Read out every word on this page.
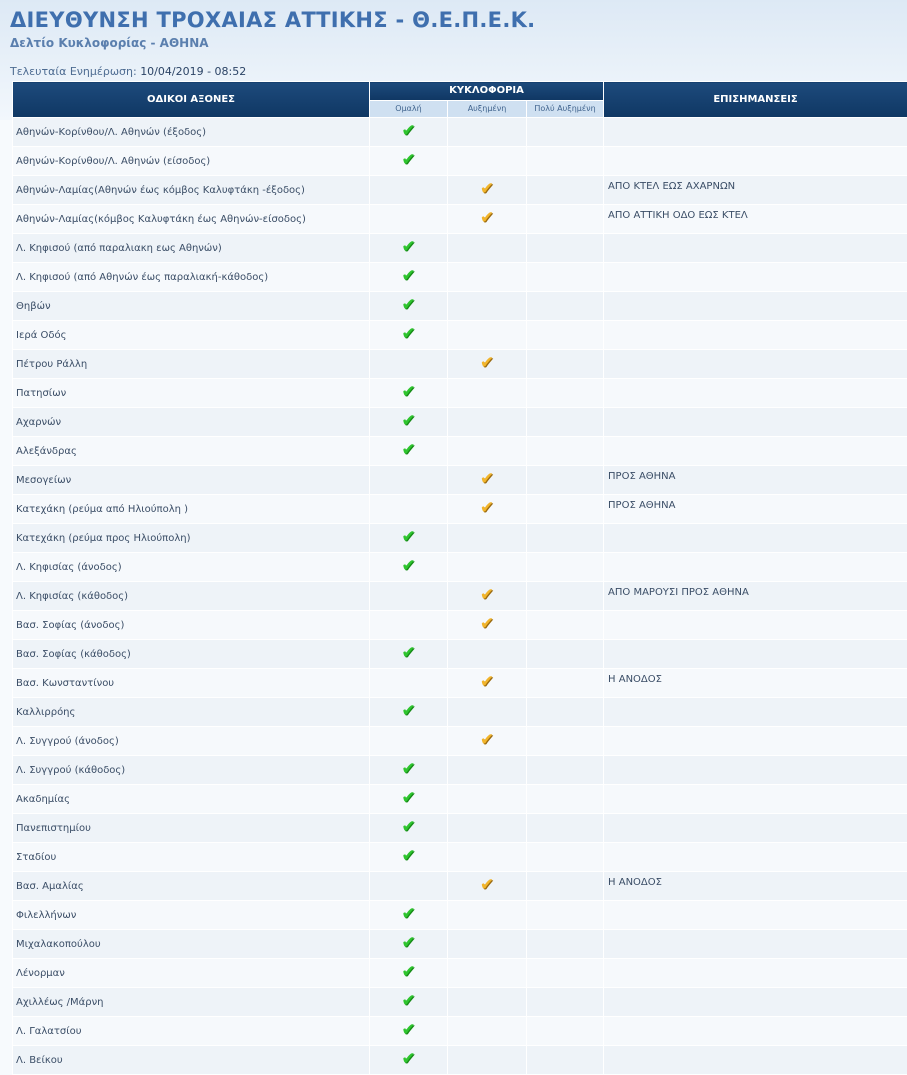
ΔΙΕΥΘΥΝΣΗ ΤΡΟΧΑΙΑΣ ΑΤΤΙΚΗΣ - Θ.Ε.Π.Ε.Κ.
Δελτίο Κυκλοφορίας - ΑΘΗΝΑ
Τελευταία Ενημέρωση: 10/04/2019 - 08:52
ΟΔΙΚΟΙ ΑΞΟΝΕΣ	ΚΥΚΛΟΦΟΡΙΑ			ΕΠΙΣΗΜΑΝΣΕΙΣ
	Ομαλή	Αυξημένη	Πολύ Αυξημένη	
Αθηνών-Κορίνθου/Λ. Αθηνών (έξοδος)	✔			
Αθηνών-Κορίνθου/Λ. Αθηνών (είσοδος)	✔			
Αθηνών-Λαμίας(Αθηνών έως κόμβος Καλυφτάκη -έξοδος)		✔		ΑΠΟ ΚΤΕΛ ΕΩΣ ΑΧΑΡΝΩΝ
Αθηνών-Λαμίας(κόμβος Καλυφτάκη έως Αθηνών-είσοδος)		✔		ΑΠΟ ΑΤΤΙΚΗ ΟΔΟ ΕΩΣ ΚΤΕΛ
Λ. Κηφισού (από παραλιακη εως Αθηνών)	✔			
Λ. Κηφισού (από Αθηνών έως παραλιακή-κάθοδος)	✔			
Θηβών	✔			
Ιερά Οδός	✔			
Πέτρου Ράλλη		✔		
Πατησίων	✔			
Αχαρνών	✔			
Αλεξάνδρας	✔			
Μεσογείων		✔		ΠΡΟΣ ΑΘΗΝΑ
Κατεχάκη (ρεύμα από Ηλιούπολη )		✔		ΠΡΟΣ ΑΘΗΝΑ
Κατεχάκη (ρεύμα προς Ηλιούπολη)	✔			
Λ. Κηφισίας (άνοδος)	✔			
Λ. Κηφισίας (κάθοδος)		✔		ΑΠΟ ΜΑΡΟΥΣΙ ΠΡΟΣ ΑΘΗΝΑ
Βασ. Σοφίας (άνοδος)		✔		
Βασ. Σοφίας (κάθοδος)	✔			
Βασ. Κωνσταντίνου		✔		Η ΑΝΟΔΟΣ
Καλλιρρόης	✔			
Λ. Συγγρού (άνοδος)		✔		
Λ. Συγγρού (κάθοδος)	✔			
Ακαδημίας	✔			
Πανεπιστημίου	✔			
Σταδίου	✔			
Βασ. Αμαλίας		✔		Η ΑΝΟΔΟΣ
Φιλελλήνων	✔			
Μιχαλακοπούλου	✔			
Λένορμαν	✔			
Αχιλλέως /Μάρνη	✔			
Λ. Γαλατσίου	✔			
Λ. Βείκου	✔			
